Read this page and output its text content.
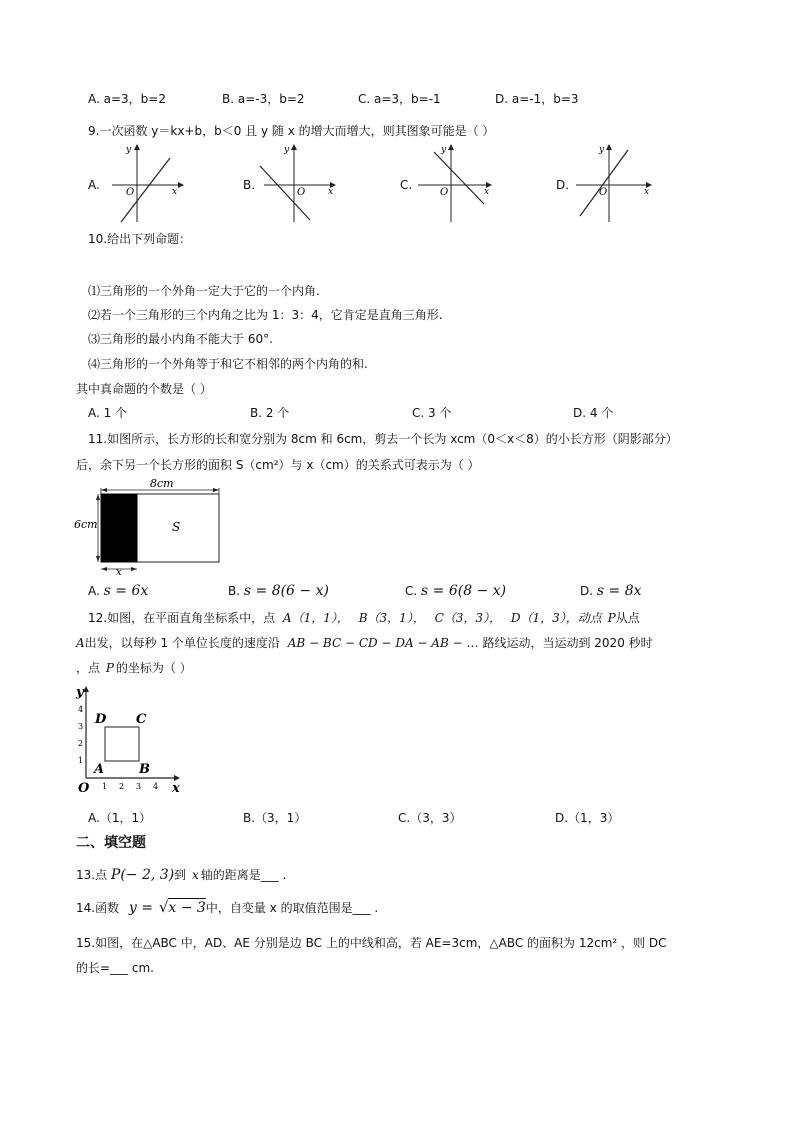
A. a=3，b=2	B. a=-3，b=2	C. a=3，b=-1	D. a=-1，b=3
9.一次函数 y＝kx+b，b＜0 且 y 随 x 的增大而增大，则其图象可能是（ ）
A.
y
x
O
B.
y
x
O
C.
y
x
O
D.
y
x
O
10.给出下列命题：
⑴三角形的一个外角一定大于它的一个内角.
⑵若一个三角形的三个内角之比为 1：3：4，它肯定是直角三角形.
⑶三角形的最小内角不能大于 60°.
⑷三角形的一个外角等于和它不相邻的两个内角的和.
其中真命题的个数是（ ）
A. 1 个	B. 2 个	C. 3 个	D. 4 个
11.如图所示，长方形的长和宽分别为 8cm 和 6cm，剪去一个长为 xcm（0＜x＜8）的小长方形（阴影部分）
后，余下另一个长方形的面积 S（cm²）与 x（cm）的关系式可表示为（ ）
8cm
6cm	S
x
A. s = 6x	B. s = 8(6 − x)	C. s = 6(8 − x)	D. s = 8x
12.如图，在平面直角坐标系中，点 A（1，1）， B（3，1）， C（3，3）， D（1，3），动点 P从点
A出发，以每秒 1 个单位长度的速度沿 AB − BC − CD − DA − AB − … 路线运动，当运动到 2020 秒时
，点 P 的坐标为（ ）
y
x
O
4
3
2
1
1 2 3 4
D C
A	B
A.（1，1）	B.（3，1）	C.（3，3）	D.（1，3）
二、填空题
13.点 P(− 2, 3)到 x 轴的距离是___ .
14.函数 y = √x − 3中，自变量 x 的取值范围是___ .
15.如图，在△ABC 中，AD、AE 分别是边 BC 上的中线和高，若 AE=3cm，△ABC 的面积为 12cm² ，则 DC
的长=___ cm.
